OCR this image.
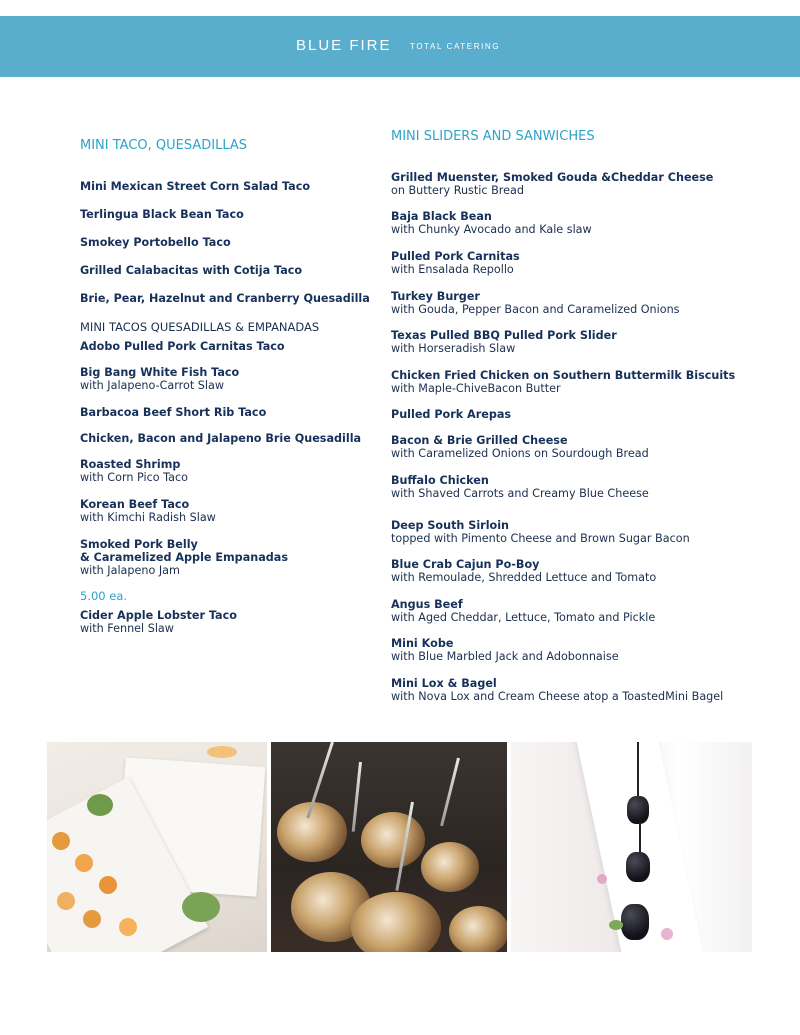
BLUE FIRE TOTAL CATERING
MINI TACO, QUESADILLAS
Mini Mexican Street Corn Salad Taco
Terlingua Black Bean Taco
Smokey Portobello Taco
Grilled Calabacitas with Cotija Taco
Brie, Pear, Hazelnut and Cranberry Quesadilla
MINI TACOS QUESADILLAS & EMPANADAS
Adobo Pulled Pork Carnitas Taco
Big Bang White Fish Taco
with Jalapeno-Carrot Slaw
Barbacoa Beef Short Rib Taco
Chicken, Bacon and Jalapeno Brie Quesadilla
Roasted Shrimp
with Corn Pico Taco
Korean Beef Taco
with Kimchi Radish Slaw
Smoked Pork Belly
& Caramelized Apple Empanadas
with Jalapeno Jam
5.00 ea.
Cider Apple Lobster Taco
with Fennel Slaw
MINI SLIDERS AND SANWICHES
Grilled Muenster, Smoked Gouda &Cheddar Cheese
on Buttery Rustic Bread
Baja Black Bean
with Chunky Avocado and Kale slaw
Pulled Pork Carnitas
with Ensalada Repollo
Turkey Burger
with Gouda, Pepper Bacon and Caramelized Onions
Texas Pulled BBQ Pulled Pork Slider
with Horseradish Slaw
Chicken Fried Chicken on Southern Buttermilk Biscuits
with Maple-ChiveBacon Butter
Pulled Pork Arepas
Bacon & Brie Grilled Cheese
with Caramelized Onions on Sourdough Bread
Buffalo Chicken
with Shaved Carrots and Creamy Blue Cheese
Deep South Sirloin
topped with Pimento Cheese and Brown Sugar Bacon
Blue Crab Cajun Po-Boy
with Remoulade, Shredded Lettuce and Tomato
Angus Beef
with Aged Cheddar, Lettuce, Tomato and Pickle
Mini Kobe
with Blue Marbled Jack and Adobonnaise
Mini Lox & Bagel
with Nova Lox and Cream Cheese atop a ToastedMini Bagel
